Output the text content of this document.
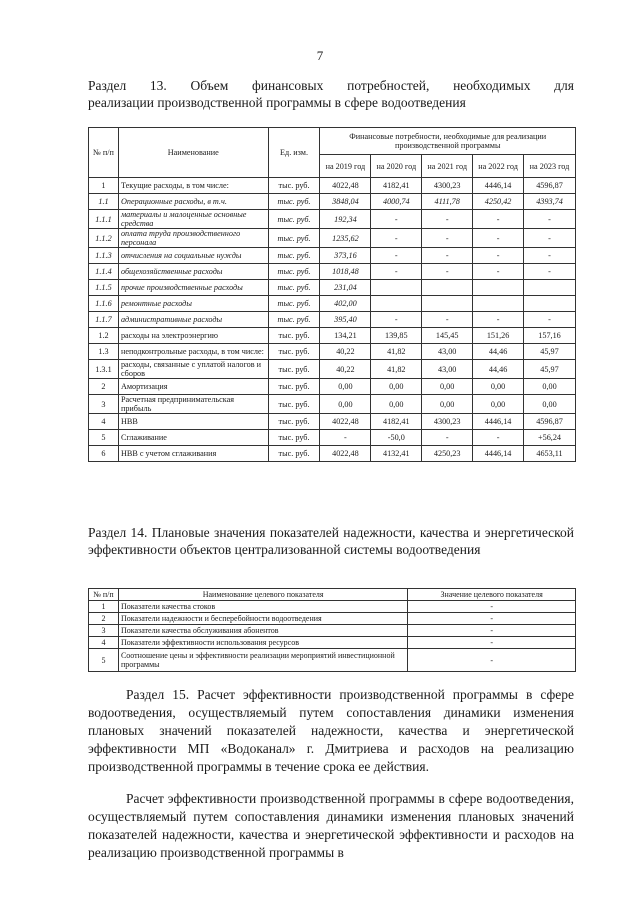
7
Раздел 13. Объем финансовых потребностей, необходимых для
реализации производственной программы в сфере водоотведения
№ п/п	Наименование	Ед. изм.	Финансовые потребности, необходимые для реализации производственной программы				
			на 2019 год	на 2020 год	на 2021 год	на 2022 год	на 2023 год
1	Текущие расходы, в том числе:	тыс. руб.	4022,48	4182,41	4300,23	4446,14	4596,87
1.1	Операционные расходы, в т.ч.	тыс. руб.	3848,04	4000,74	4111,78	4250,42	4393,74
1.1.1	материалы и малоценные основные средства	тыс. руб.	192,34	-	-	-	-
1.1.2	оплата труда производственного персонала	тыс. руб.	1235,62	-	-	-	-
1.1.3	отчисления на социальные нужды	тыс. руб.	373,16	-	-	-	-
1.1.4	общехозяйственные расходы	тыс. руб.	1018,48	-	-	-	-
1.1.5	прочие производственные расходы	тыс. руб.	231,04				
1.1.6	ремонтные расходы	тыс. руб.	402,00				
1.1.7	административные расходы	тыс. руб.	395,40	-	-	-	-
1.2	расходы на электроэнергию	тыс. руб.	134,21	139,85	145,45	151,26	157,16
1.3	неподконтрольные расходы, в том числе:	тыс. руб.	40,22	41,82	43,00	44,46	45,97
1.3.1	расходы, связанные с уплатой налогов и сборов	тыс. руб.	40,22	41,82	43,00	44,46	45,97
2	Амортизация	тыс. руб.	0,00	0,00	0,00	0,00	0,00
3	Расчетная предпринимательская прибыль	тыс. руб.	0,00	0,00	0,00	0,00	0,00
4	НВВ	тыс. руб.	4022,48	4182,41	4300,23	4446,14	4596,87
5	Сглаживание	тыс. руб.	-	-50,0	-	-	+56,24
6	НВВ с учетом сглаживания	тыс. руб.	4022,48	4132,41	4250,23	4446,14	4653,11
Раздел 14. Плановые значения показателей надежности, качества и энергетической эффективности объектов централизованной системы водоотведения
№ п/п	Наименование целевого показателя	Значение целевого показателя
1	Показатели качества стоков	-
2	Показатели надежности и бесперебойности водоотведения	-
3	Показатели качества обслуживания абонентов	-
4	Показатели эффективности использования ресурсов	-
5	Соотношение цены и эффективности реализации мероприятий инвестиционной программы	-
Раздел 15. Расчет эффективности производственной программы в сфере водоотведения, осуществляемый путем сопоставления динамики изменения плановых значений показателей надежности, качества и энергетической эффективности МП «Водоканал» г. Дмитриева и расходов на реализацию производственной программы в течение срока ее действия.
Расчет эффективности производственной программы в сфере водоотведения, осуществляемый путем сопоставления динамики изменения плановых значений показателей надежности, качества и энергетической эффективности и расходов на реализацию производственной программы в
